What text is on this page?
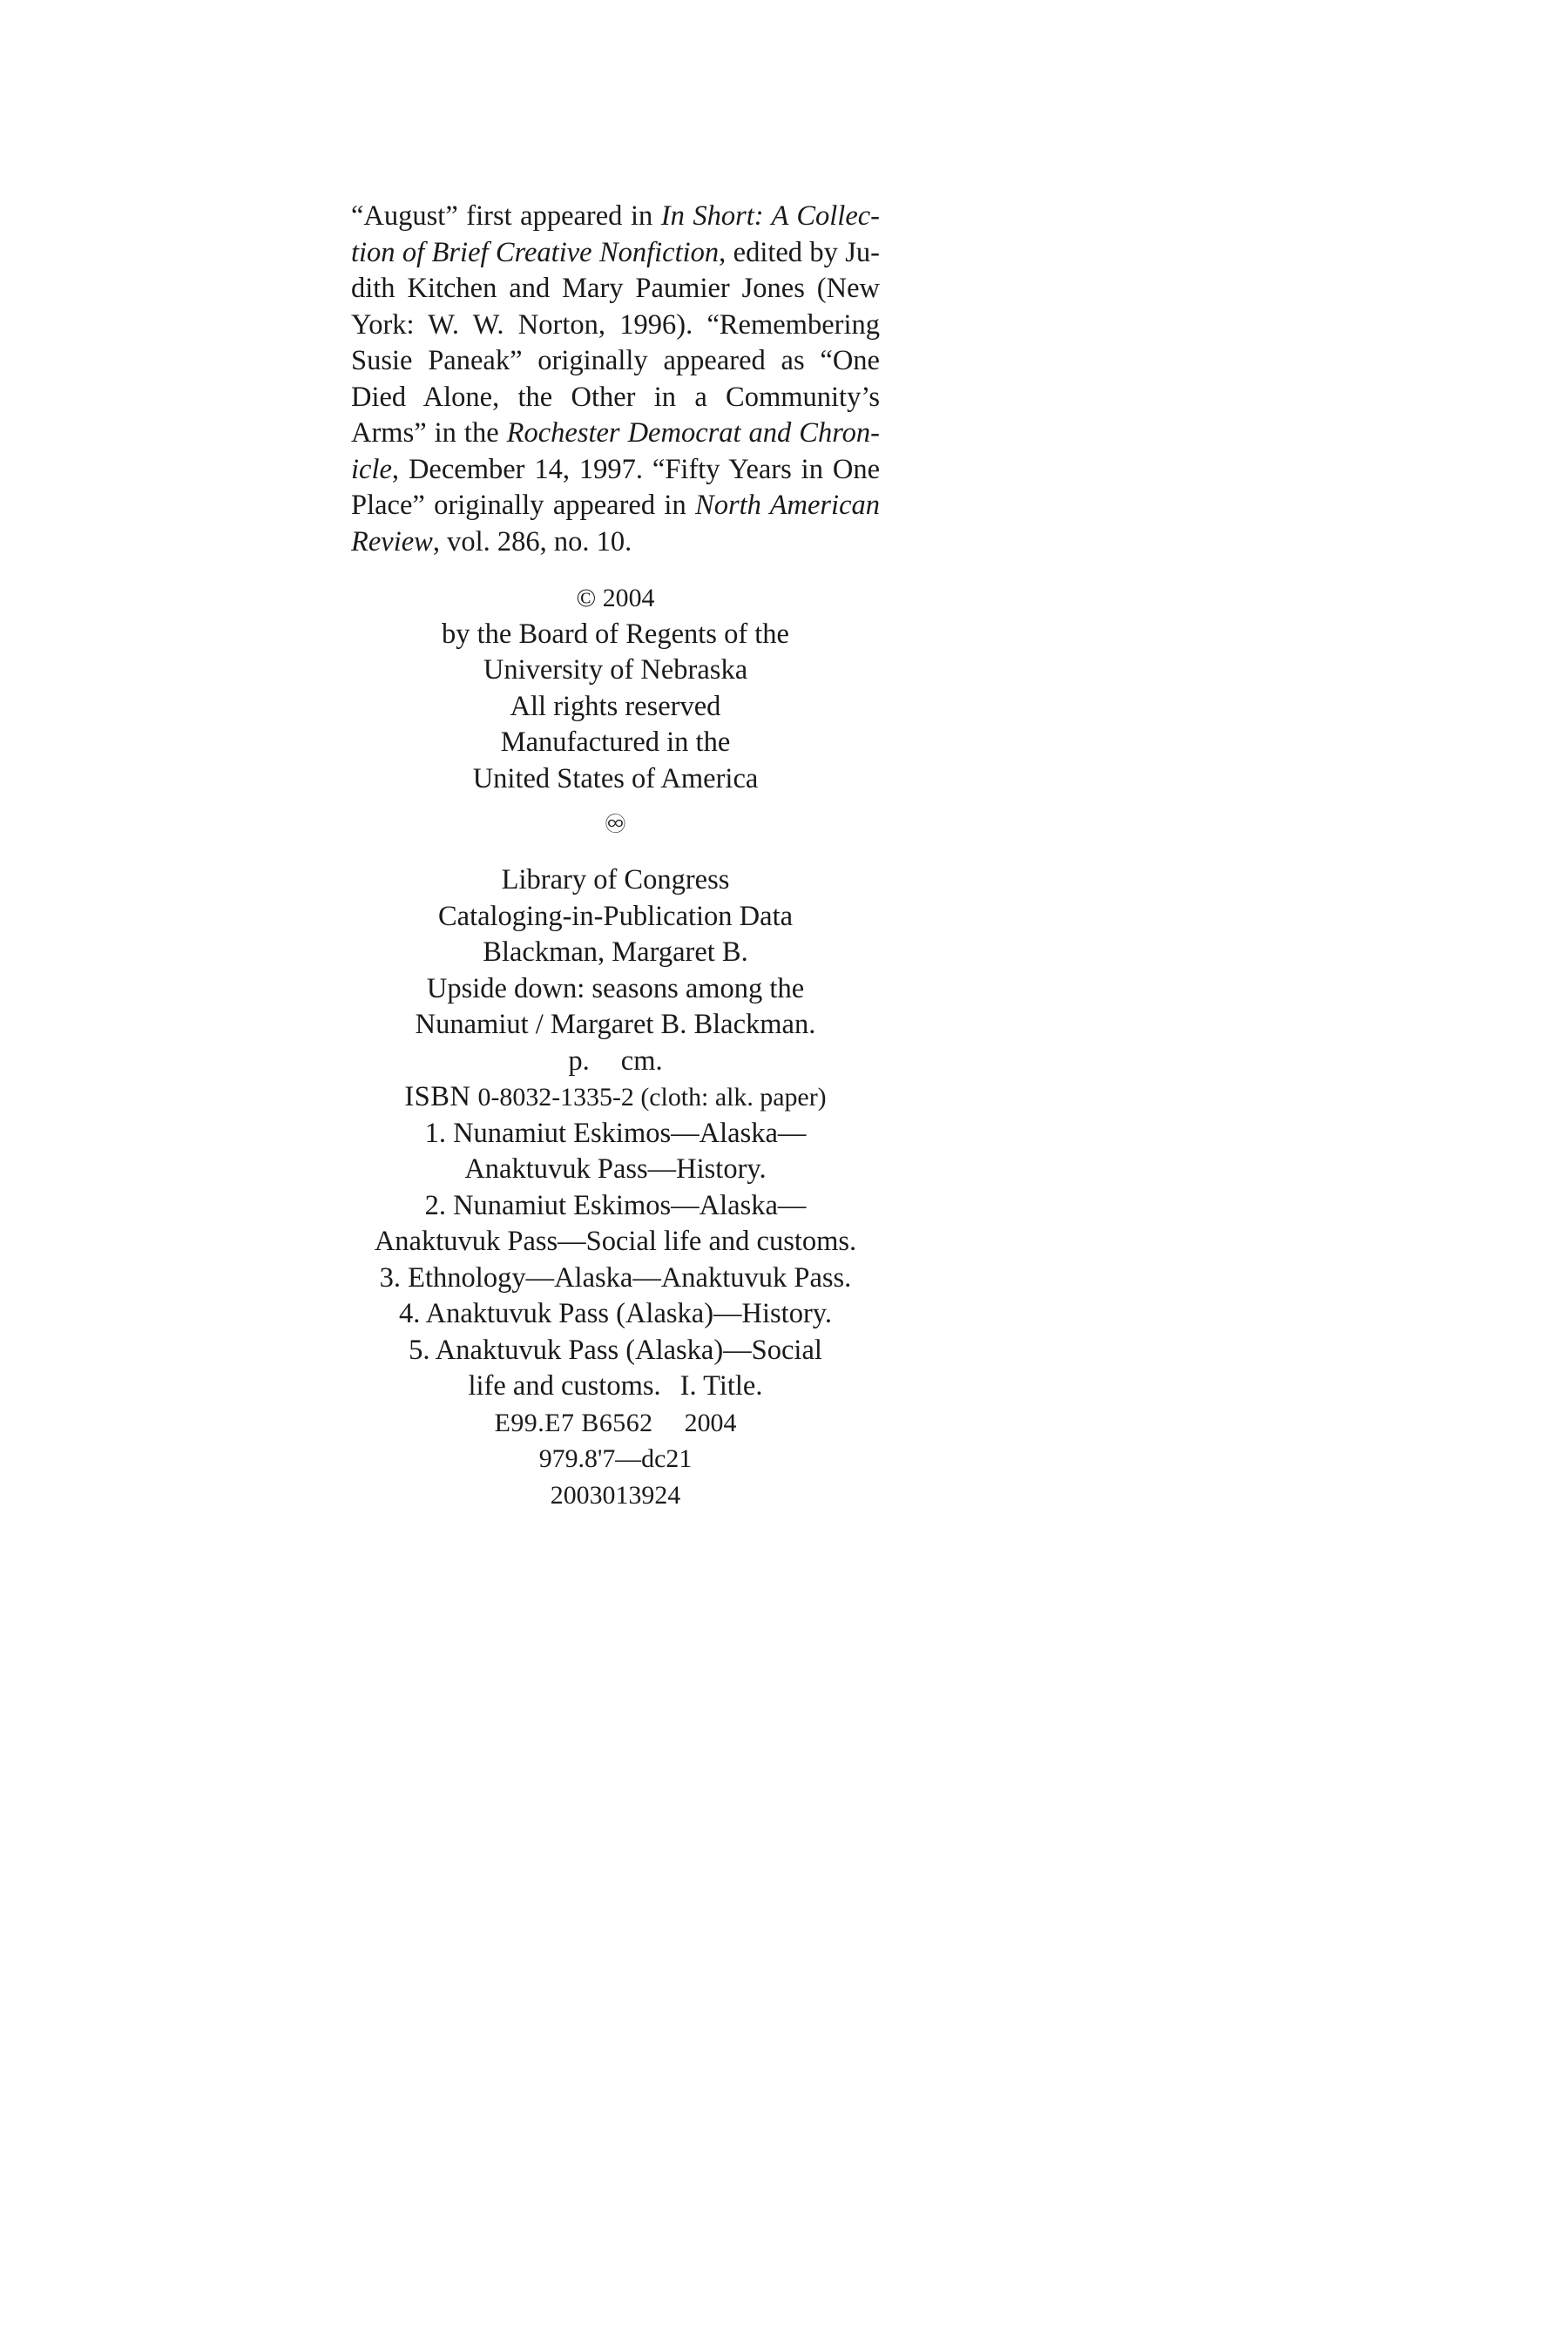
“August” first appeared in In Short: A Collec-
tion of Brief Creative Nonfiction, edited by Ju-
dith Kitchen and Mary Paumier Jones (New
York: W. W. Norton, 1996). “Remembering
Susie Paneak” originally appeared as “One
Died Alone, the Other in a Community’s
Arms” in the Rochester Democrat and Chron-
icle, December 14, 1997. “Fifty Years in One
Place” originally appeared in North American
Review, vol. 286, no. 10.

© 2004
by the Board of Regents of the
University of Nebraska
All rights reserved
Manufactured in the
United States of America
♾
Library of Congress
Cataloging-in-Publication Data
Blackman, Margaret B.
Upside down: seasons among the
Nunamiut / Margaret B. Blackman.
p. cm.
ISBN 0-8032-1335-2 (cloth: alk. paper)
1. Nunamiut Eskimos—Alaska—
Anaktuvuk Pass—History.
2. Nunamiut Eskimos—Alaska—
Anaktuvuk Pass—Social life and customs.
3. Ethnology—Alaska—Anaktuvuk Pass.
4. Anaktuvuk Pass (Alaska)—History.
5. Anaktuvuk Pass (Alaska)—Social
life and customs. I. Title.
E99.E7 B6562 2004
979.8'7—dc21
2003013924
